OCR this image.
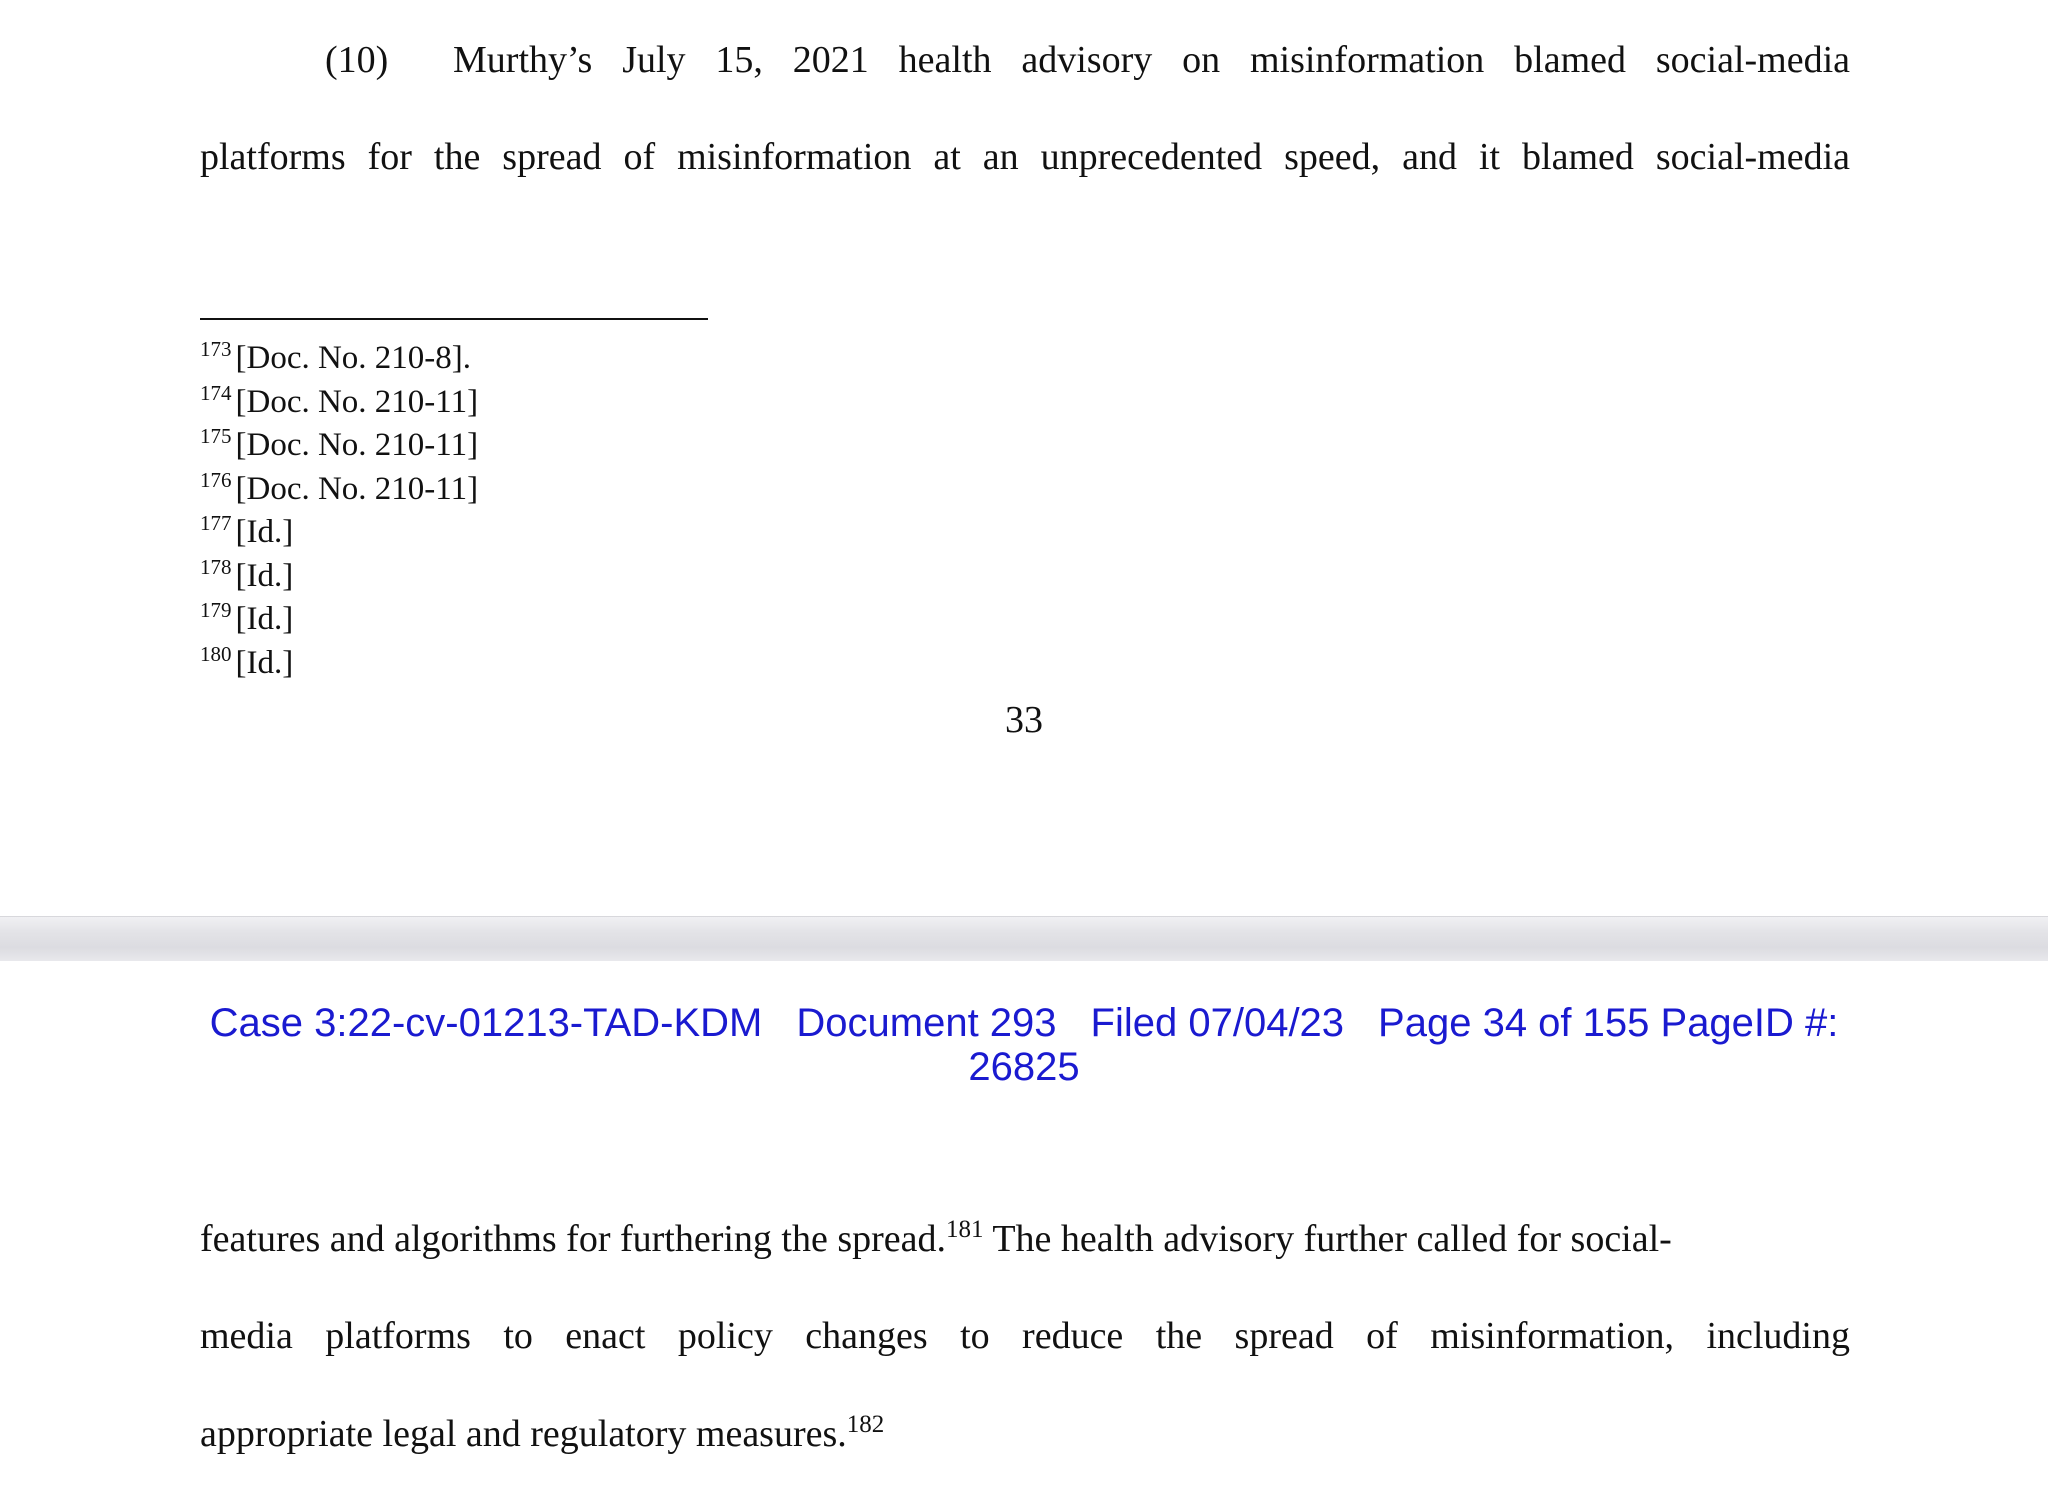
(10) Murthy’s July 15, 2021 health advisory on misinformation blamed social-media
platforms for the spread of misinformation at an unprecedented speed, and it blamed social-media
$^{173}$ [Doc. No. 210-8].
$^{174}$ [Doc. No. 210-11]
$^{175}$ [Doc. No. 210-11]
$^{176}$ [Doc. No. 210-11]
$^{177}$ [Id.]
$^{178}$ [Id.]
$^{179}$ [Id.]
$^{180}$ [Id.]
33
Case 3:22-cv-01213-TAD-KDM Document 293 Filed 07/04/23 Page 34 of 155 PageID #:
26825
features and algorithms for furthering the spread.$^{181}$ The health advisory further called for social-
media platforms to enact policy changes to reduce the spread of misinformation, including
appropriate legal and regulatory measures.$^{182}$
